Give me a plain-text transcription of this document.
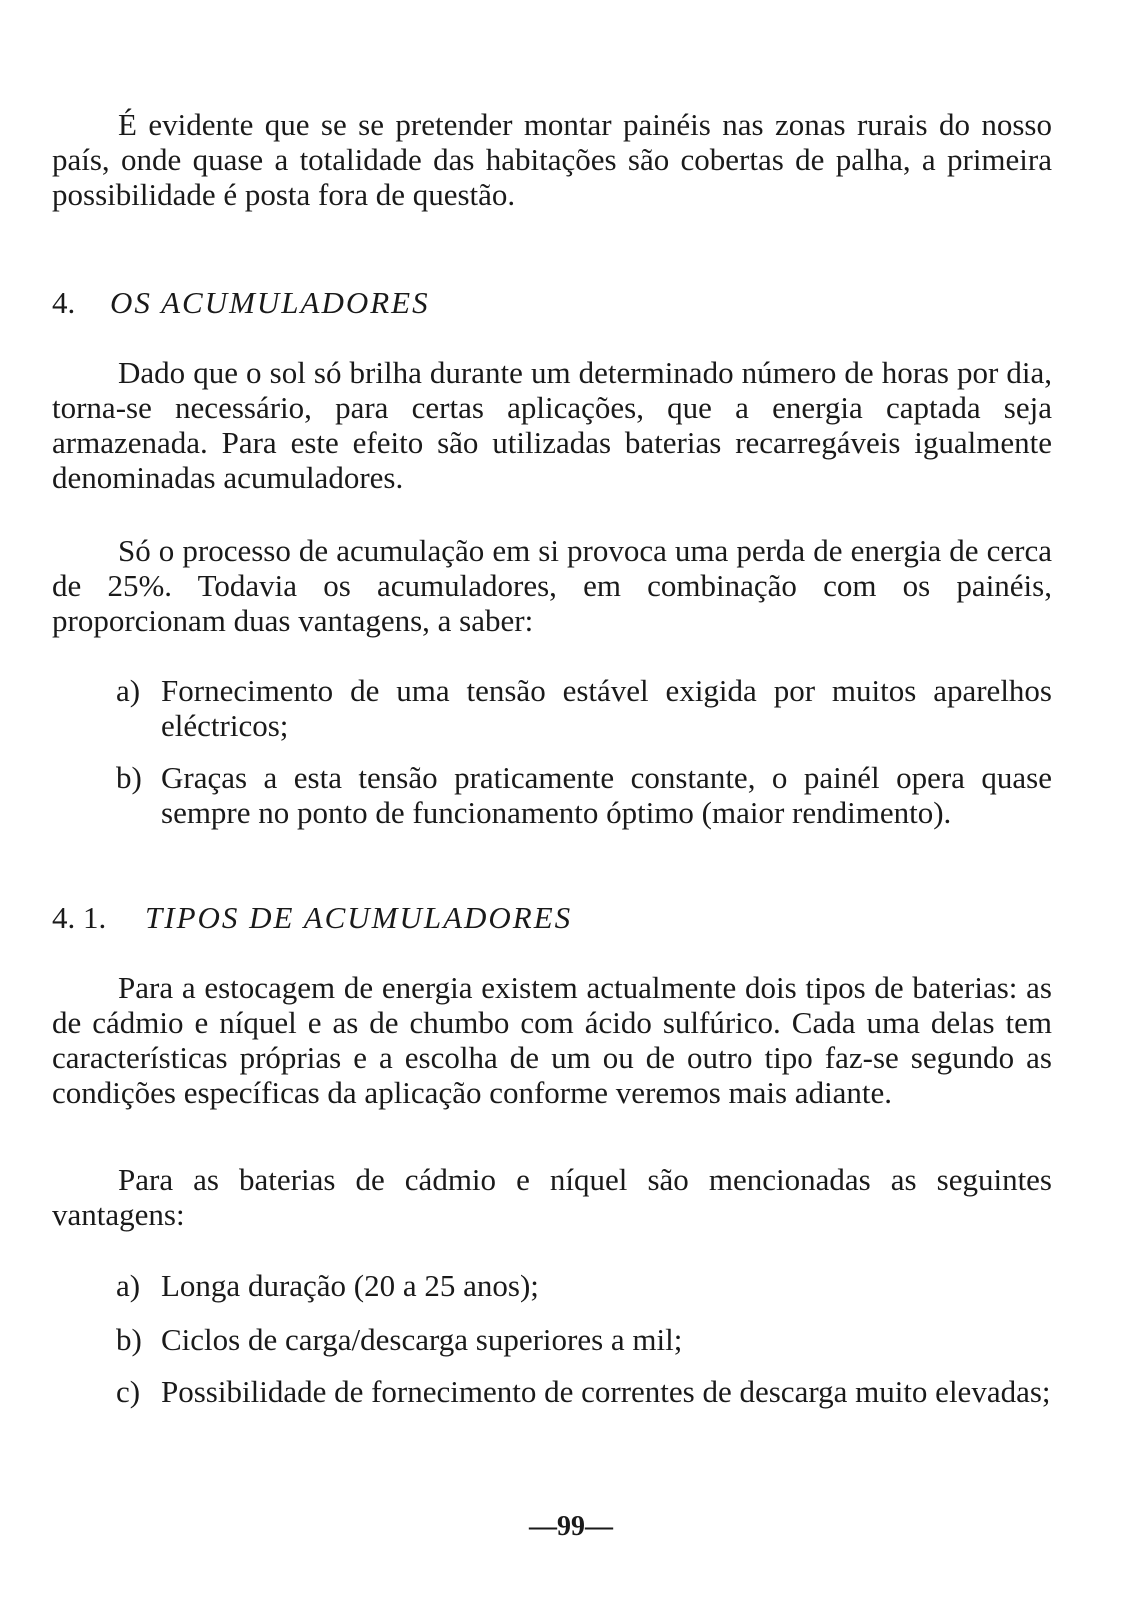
É evidente que se se pretender montar painéis nas zonas rurais do nosso país, onde quase a totalidade das habitações são cobertas de palha, a primeira possibilidade é posta fora de questão.

4. OS ACUMULADORES

Dado que o sol só brilha durante um determinado número de horas por dia, torna-se necessário, para certas aplicações, que a energia captada seja armazenada. Para este efeito são utilizadas baterias recarregáveis igualmente denominadas acumuladores.

Só o processo de acumulação em si provoca uma perda de energia de cerca de 25%. Todavia os acumuladores, em combinação com os painéis, proporcionam duas vantagens, a saber:

a) Fornecimento de uma tensão estável exigida por muitos aparelhos eléctricos;
b) Graças a esta tensão praticamente constante, o painél opera quase sempre no ponto de funcionamento óptimo (maior rendimento).
4. 1. TIPOS DE ACUMULADORES

Para a estocagem de energia existem actualmente dois tipos de baterias: as de cádmio e níquel e as de chumbo com ácido sulfúrico. Cada uma delas tem características próprias e a escolha de um ou de outro tipo faz-se segundo as condições específicas da aplicação conforme veremos mais adiante.

Para as baterias de cádmio e níquel são mencionadas as seguintes vantagens:

a) Longa duração (20 a 25 anos);
b) Ciclos de carga/descarga superiores a mil;
c) Possibilidade de fornecimento de correntes de descarga muito elevadas;
—99—
